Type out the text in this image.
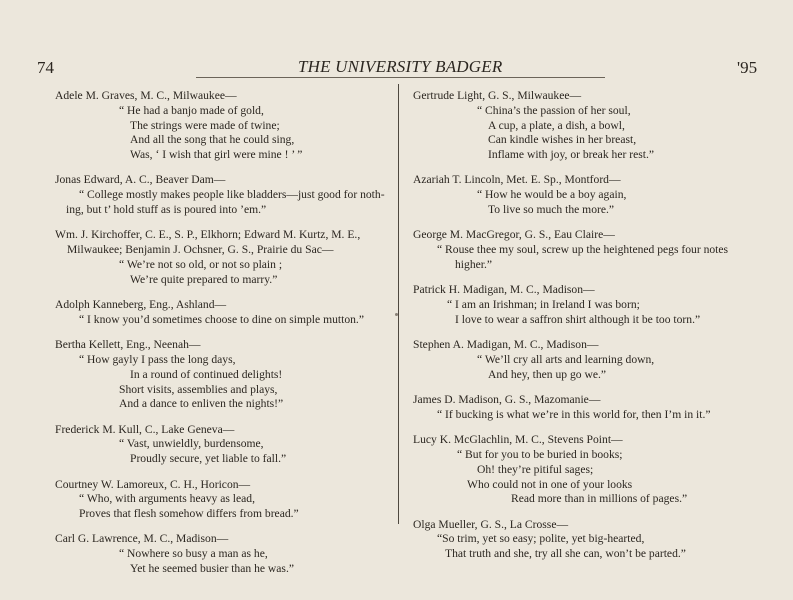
74	THE UNIVERSITY BADGER	'95
Adele M. Graves, M. C., Milwaukee—
“ He had a banjo made of gold,
The strings were made of twine;
And all the song that he could sing,
Was, ‘ I wish that girl were mine ! ’ ”
Jonas Edward, A. C., Beaver Dam—
“ College mostly makes people like bladders—just good for noth-
ing, but t’ hold stuff as is poured into ’em.”
Wm. J. Kirchoffer, C. E., S. P., Elkhorn; Edward M. Kurtz, M. E., Milwaukee; Benjamin J. Ochsner, G. S., Prairie du Sac—
“ We’re not so old, or not so plain ;
We’re quite prepared to marry.”
Adolph Kanneberg, Eng., Ashland—
“ I know you’d sometimes choose to dine on simple mutton.”
Bertha Kellett, Eng., Neenah—
“ How gayly I pass the long days,
In a round of continued delights!
Short visits, assemblies and plays,
And a dance to enliven the nights!”
Frederick M. Kull, C., Lake Geneva—
“ Vast, unwieldly, burdensome,
Proudly secure, yet liable to fall.”
Courtney W. Lamoreux, C. H., Horicon—
“ Who, with arguments heavy as lead,
Proves that flesh somehow differs from bread.”
Carl G. Lawrence, M. C., Madison—
“ Nowhere so busy a man as he,
Yet he seemed busier than he was.”
Gertrude Light, G. S., Milwaukee—
“ China’s the passion of her soul,
A cup, a plate, a dish, a bowl,
Can kindle wishes in her breast,
Inflame with joy, or break her rest.”
Azariah T. Lincoln, Met. E. Sp., Montford—
“ How he would be a boy again,
To live so much the more.”
George M. MacGregor, G. S., Eau Claire—
“ Rouse thee my soul, screw up the heightened pegs four notes
higher.”
Patrick H. Madigan, M. C., Madison—
“ I am an Irishman; in Ireland I was born;
I love to wear a saffron shirt although it be too torn.”
Stephen A. Madigan, M. C., Madison—
“ We’ll cry all arts and learning down,
And hey, then up go we.”
James D. Madison, G. S., Mazomanie—
“ If bucking is what we’re in this world for, then I’m in it.”
Lucy K. McGlachlin, M. C., Stevens Point—
“ But for you to be buried in books;
Oh! they’re pitiful sages;
Who could not in one of your looks
Read more than in millions of pages.”
Olga Mueller, G. S., La Crosse—
“So trim, yet so easy; polite, yet big-hearted,
That truth and she, try all she can, won’t be parted.”
